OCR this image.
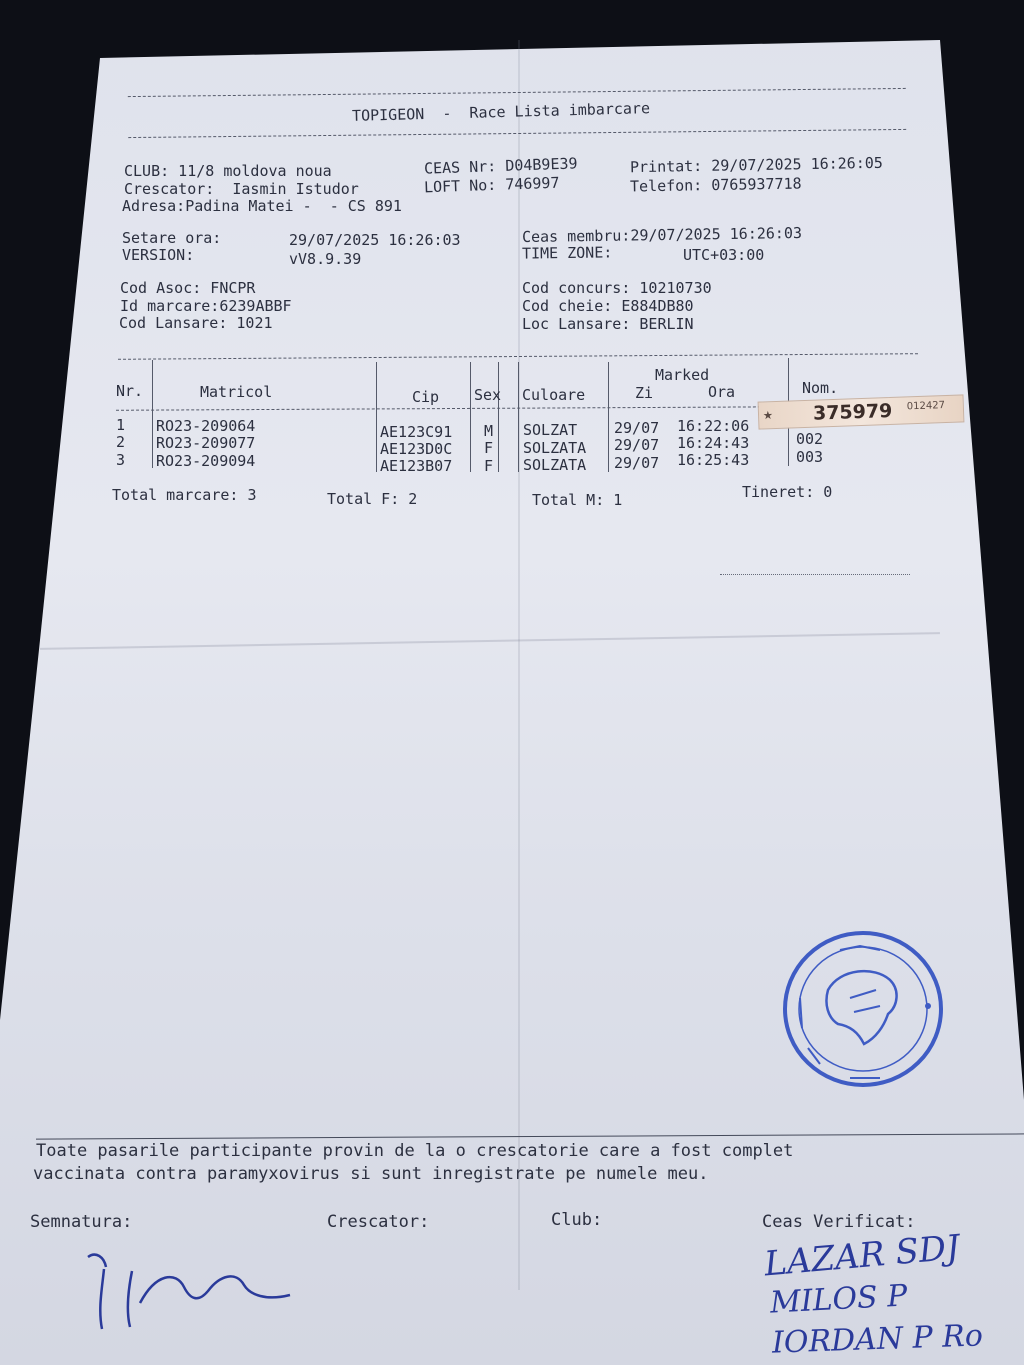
TOPIGEON  -  Race Lista imbarcare
CLUB: 11/8 moldova noua
Crescator:  Iasmin Istudor
Adresa:Padina Matei -  - CS 891
CEAS Nr: D04B9E39
LOFT No: 746997
Printat: 29/07/2025 16:26:05
Telefon: 0765937718
Setare ora:	29/07/2025 16:26:03
VERSION:	vV8.9.39
Ceas membru:29/07/2025 16:26:03
TIME ZONE:	UTC+03:00
Cod Asoc: FNCPR
Id marcare:6239ABBF
Cod Lansare: 1021
Cod concurs: 10210730
Cod cheie: E884DB80
Loc Lansare: BERLIN
Nr.	Matricol	Cip Sex Culoare
Marked
Zi	Ora	Nom.
1 RO23-209064	AE123C91 M SOLZAT 29/07 16:22:06
2 RO23-209077	AE123D0C F SOLZATA 29/07 16:24:43	002
3 RO23-209094	AE123B07 F SOLZATA 29/07 16:25:43	003
★ 375979 012427
Total marcare: 3	Total F: 2	Total M: 1	Tineret: 0
Toate pasarile participante provin de la o crescatorie care a fost complet
vaccinata contra paramyxovirus si sunt inregistrate pe numele meu.
Semnatura:	Crescator:	Club:	Ceas Verificat:
LAZAR SDJ
MILOS P
IORDAN P Ro
